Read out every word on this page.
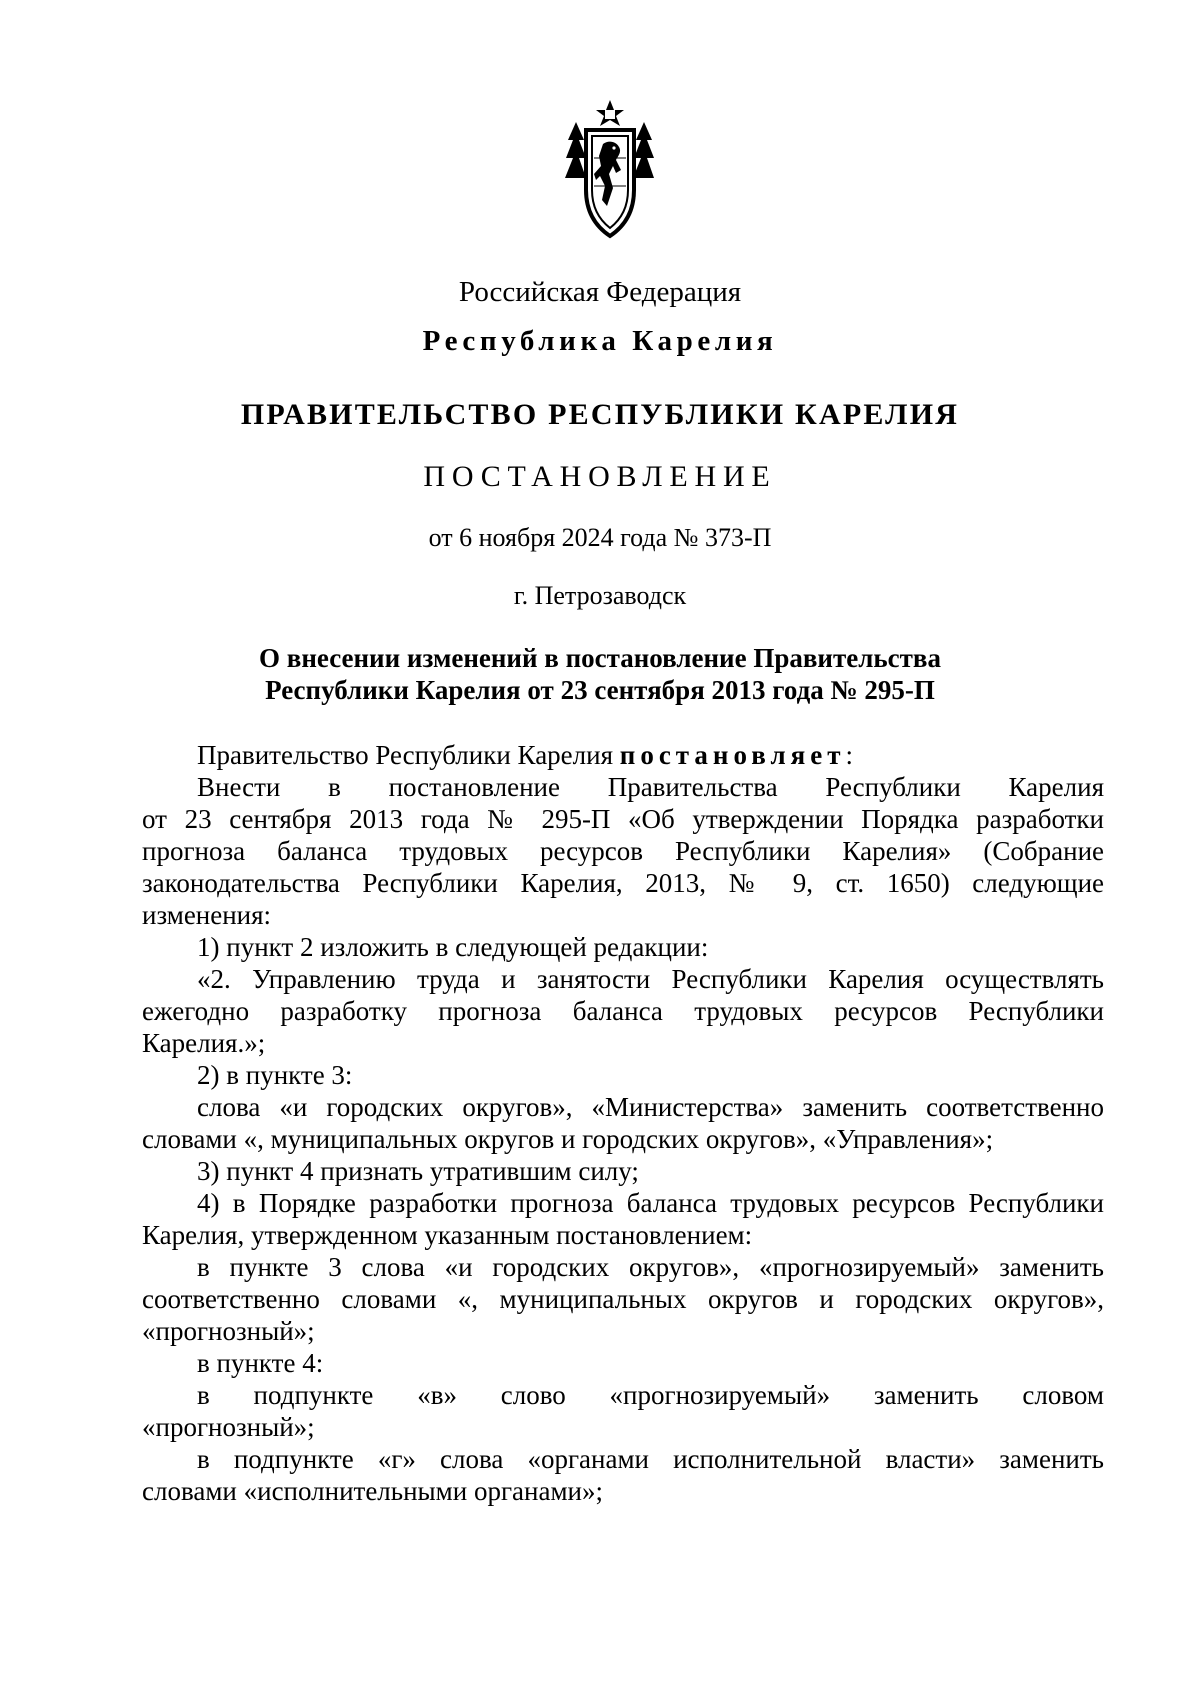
Российская Федерация
Республика Карелия
ПРАВИТЕЛЬСТВО РЕСПУБЛИКИ КАРЕЛИЯ
ПОСТАНОВЛЕНИЕ
от 6 ноября 2024 года № 373-П
г. Петрозаводск
О внесении изменений в постановление Правительства
Республики Карелия от 23 сентября 2013 года № 295-П

Правительство Республики Карелия постановляет:

Внести в постановление Правительства Республики Карелия
от 23 сентября 2013 года № 295-П «Об утверждении Порядка разработки
прогноза баланса трудовых ресурсов Республики Карелия» (Собрание
законодательства Республики Карелия, 2013, № 9, ст. 1650) следующие
изменения:

1) пункт 2 изложить в следующей редакции:

«2. Управлению труда и занятости Республики Карелия осуществлять
ежегодно разработку прогноза баланса трудовых ресурсов Республики
Карелия.»;

2) в пункте 3:

слова «и городских округов», «Министерства» заменить соответственно
словами «, муниципальных округов и городских округов», «Управления»;

3) пункт 4 признать утратившим силу;

4) в Порядке разработки прогноза баланса трудовых ресурсов Республики
Карелия, утвержденном указанным постановлением:

в пункте 3 слова «и городских округов», «прогнозируемый» заменить
соответственно словами «, муниципальных округов и городских округов»,
«прогнозный»;

в пункте 4:

в подпункте «в» слово «прогнозируемый» заменить словом
«прогнозный»;

в подпункте «г» слова «органами исполнительной власти» заменить
словами «исполнительными органами»;
